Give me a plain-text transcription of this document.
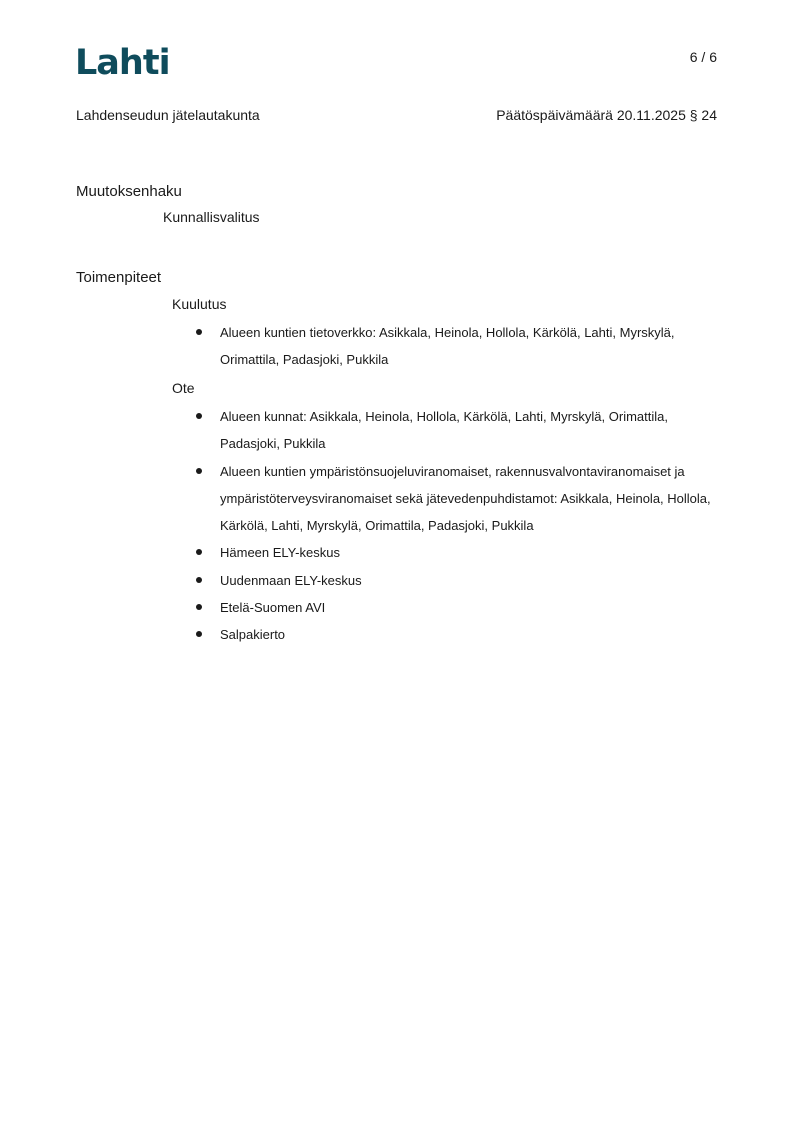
Lahti	6 / 6
Lahdenseudun jätelautakunta	Päätöspäivämäärä 20.11.2025 § 24
Muutoksenhaku
Kunnallisvalitus
Toimenpiteet
Kuulutus
Alueen kuntien tietoverkko: Asikkala, Heinola, Hollola, Kärkölä, Lahti, Myrskylä, Orimattila, Padasjoki, Pukkila
Ote
Alueen kunnat: Asikkala, Heinola, Hollola, Kärkölä, Lahti, Myrskylä, Orimattila, Padasjoki, Pukkila
Alueen kuntien ympäristönsuojeluviranomaiset, rakennusvalvontaviranomaiset ja ympäristöterveysviranomaiset sekä jätevedenpuhdistamot: Asikkala, Heinola, Hollola, Kärkölä, Lahti, Myrskylä, Orimattila, Padasjoki, Pukkila
Hämeen ELY-keskus
Uudenmaan ELY-keskus
Etelä-Suomen AVI
Salpakierto
